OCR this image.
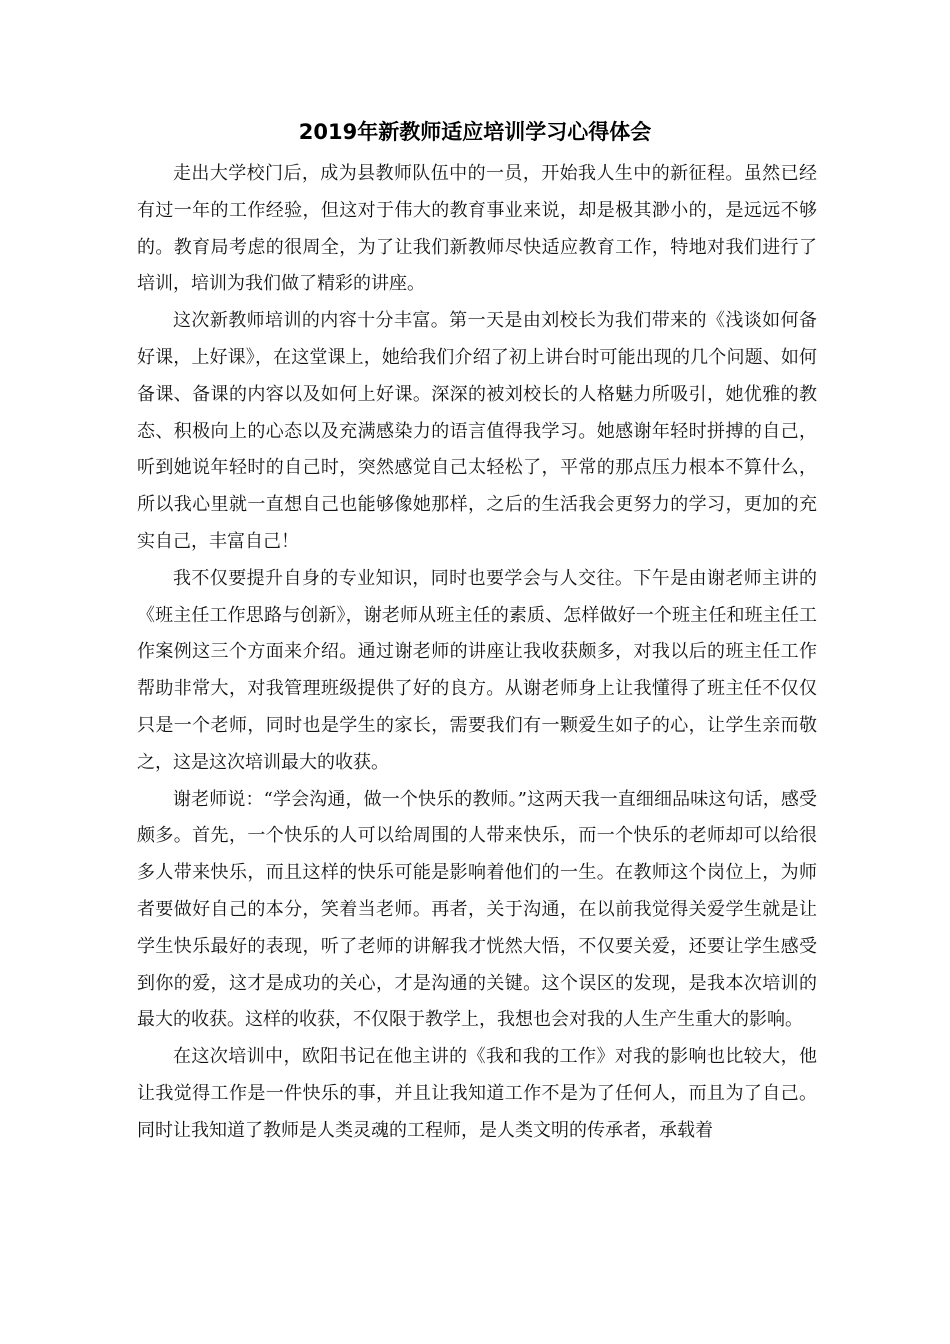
2019年新教师适应培训学习心得体会

走出大学校门后，成为县教师队伍中的一员，开始我人生中的新征程。虽然已经有过一年的工作经验，但这对于伟大的教育事业来说，却是极其渺小的，是远远不够的。教育局考虑的很周全，为了让我们新教师尽快适应教育工作，特地对我们进行了培训，培训为我们做了精彩的讲座。

这次新教师培训的内容十分丰富。第一天是由刘校长为我们带来的《浅谈如何备好课，上好课》，在这堂课上，她给我们介绍了初上讲台时可能出现的几个问题、如何备课、备课的内容以及如何上好课。深深的被刘校长的人格魅力所吸引，她优雅的教态、积极向上的心态以及充满感染力的语言值得我学习。她感谢年轻时拼搏的自己，听到她说年轻时的自己时，突然感觉自己太轻松了，平常的那点压力根本不算什么，所以我心里就一直想自己也能够像她那样，之后的生活我会更努力的学习，更加的充实自己，丰富自己！

我不仅要提升自身的专业知识，同时也要学会与人交往。下午是由谢老师主讲的《班主任工作思路与创新》，谢老师从班主任的素质、怎样做好一个班主任和班主任工作案例这三个方面来介绍。通过谢老师的讲座让我收获颇多，对我以后的班主任工作帮助非常大，对我管理班级提供了好的良方。从谢老师身上让我懂得了班主任不仅仅只是一个老师，同时也是学生的家长，需要我们有一颗爱生如子的心，让学生亲而敬之，这是这次培训最大的收获。

谢老师说：“学会沟通，做一个快乐的教师。”这两天我一直细细品味这句话，感受颇多。首先，一个快乐的人可以给周围的人带来快乐，而一个快乐的老师却可以给很多人带来快乐，而且这样的快乐可能是影响着他们的一生。在教师这个岗位上，为师者要做好自己的本分，笑着当老师。再者，关于沟通，在以前我觉得关爱学生就是让学生快乐最好的表现，听了老师的讲解我才恍然大悟，不仅要关爱，还要让学生感受到你的爱，这才是成功的关心，才是沟通的关键。这个误区的发现，是我本次培训的最大的收获。这样的收获，不仅限于教学上，我想也会对我的人生产生重大的影响。

在这次培训中，欧阳书记在他主讲的《我和我的工作》对我的影响也比较大，他让我觉得工作是一件快乐的事，并且让我知道工作不是为了任何人，而且为了自己。同时让我知道了教师是人类灵魂的工程师，是人类文明的传承者，承载着
